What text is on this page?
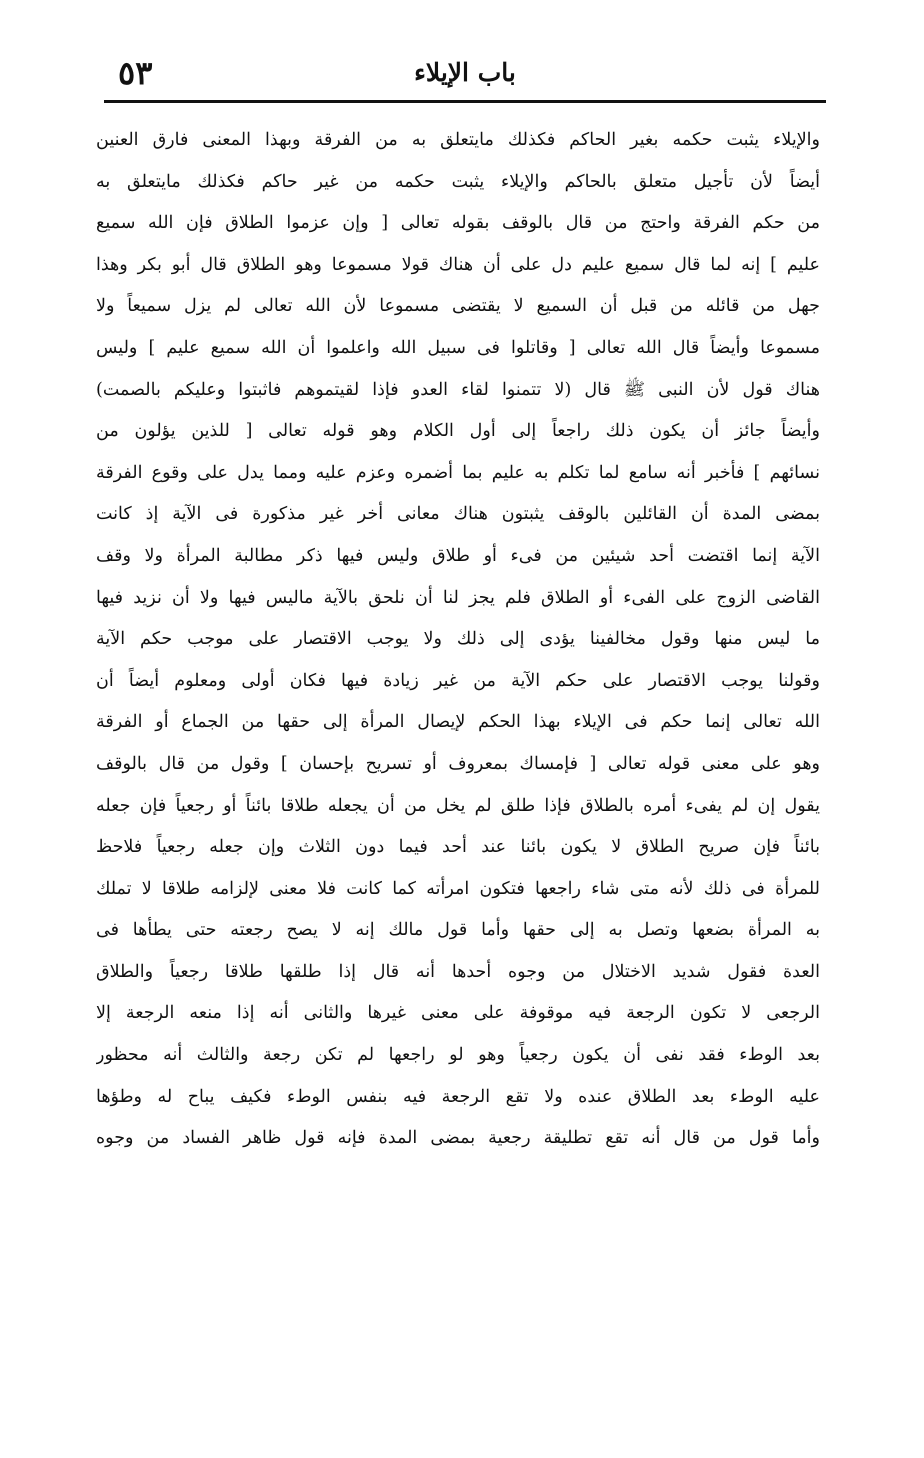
باب الإيلاء
٥٣
والإيلاء يثبت حكمه بغير الحاكم فكذلك مايتعلق به من الفرقة وبهذا المعنى فارق العنين
أيضاً لأن تأجيل متعلق بالحاكم والإيلاء يثبت حكمه من غير حاكم فكذلك مايتعلق به
من حكم الفرقة واحتج من قال بالوقف بقوله تعالى [ وإن عزموا الطلاق فإن الله سميع
عليم ] إنه لما قال سميع عليم دل على أن هناك قولا مسموعا وهو الطلاق قال أبو بكر وهذا
جهل من قائله من قبل أن السميع لا يقتضى مسموعا لأن الله تعالى لم يزل سميعاً ولا
مسموعا وأيضاً قال الله تعالى [ وقاتلوا فى سبيل الله واعلموا أن الله سميع عليم ] وليس
هناك قول لأن النبى ﷺ قال (لا تتمنوا لقاء العدو فإذا لقيتموهم فاثبتوا وعليكم بالصمت)
وأيضاً جائز أن يكون ذلك راجعاً إلى أول الكلام وهو قوله تعالى [ للذين يؤلون من
نسائهم ] فأخبر أنه سامع لما تكلم به عليم بما أضمره وعزم عليه ومما يدل على وقوع الفرقة
بمضى المدة أن القائلين بالوقف يثبتون هناك معانى أخر غير مذكورة فى الآية إذ كانت
الآية إنما اقتضت أحد شيئين من فىء أو طلاق وليس فيها ذكر مطالبة المرأة ولا وقف
القاضى الزوج على الفىء أو الطلاق فلم يجز لنا أن نلحق بالآية ماليس فيها ولا أن نزيد فيها
ما ليس منها وقول مخالفينا يؤدى إلى ذلك ولا يوجب الاقتصار على موجب حكم الآية
وقولنا يوجب الاقتصار على حكم الآية من غير زيادة فيها فكان أولى ومعلوم أيضاً أن
الله تعالى إنما حكم فى الإيلاء بهذا الحكم لإيصال المرأة إلى حقها من الجماع أو الفرقة
وهو على معنى قوله تعالى [ فإمساك بمعروف أو تسريح بإحسان ] وقول من قال بالوقف
يقول إن لم يفىء أمره بالطلاق فإذا طلق لم يخل من أن يجعله طلاقا بائناً أو رجعياً فإن جعله
بائناً فإن صريح الطلاق لا يكون بائنا عند أحد فيما دون الثلاث وإن جعله رجعياً فلاحظ
للمرأة فى ذلك لأنه متى شاء راجعها فتكون امرأته كما كانت فلا معنى لإلزامه طلاقا لا تملك
به المرأة بضعها وتصل به إلى حقها وأما قول مالك إنه لا يصح رجعته حتى يطأها فى
العدة فقول شديد الاختلال من وجوه أحدها أنه قال إذا طلقها طلاقا رجعياً والطلاق
الرجعى لا تكون الرجعة فيه موقوفة على معنى غيرها والثانى أنه إذا منعه الرجعة إلا
بعد الوطء فقد نفى أن يكون رجعياً وهو لو راجعها لم تكن رجعة والثالث أنه محظور
عليه الوطء بعد الطلاق عنده ولا تقع الرجعة فيه بنفس الوطء فكيف يباح له وطؤها
وأما قول من قال أنه تقع تطليقة رجعية بمضى المدة فإنه قول ظاهر الفساد من وجوه
